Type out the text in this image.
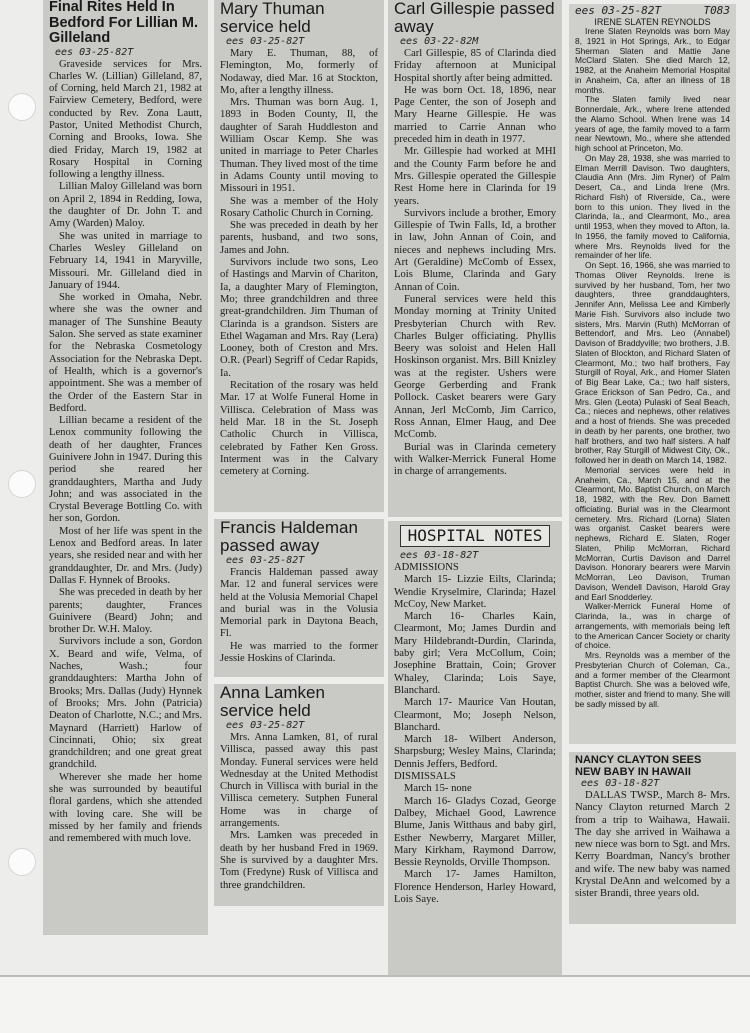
Final Rites Held In Bedford For Lillian M. Gilleland
ees 03-25-82T

Graveside services for Mrs. Charles W. (Lillian) Gilleland, 87, of Corning, held March 21, 1982 at Fairview Cemetery, Bedford, were conducted by Rev. Zona Lautt, Pastor, United Methodist Church, Corning and Brooks, Iowa. She died Friday, March 19, 1982 at Rosary Hospital in Corning following a lengthy illness.

Lillian Maloy Gilleland was born on April 2, 1894 in Redding, Iowa, the daughter of Dr. John T. and Amy (Warden) Maloy.

She was united in marriage to Charles Wesley Gilleland on February 14, 1941 in Maryville, Missouri. Mr. Gilleland died in January of 1944.

She worked in Omaha, Nebr. where she was the owner and manager of The Sunshine Beauty Salon. She served as state examiner for the Nebraska Cosmetology Association for the Nebraska Dept. of Health, which is a governor's appointment. She was a member of the Order of the Eastern Star in Bedford.

Lillian became a resident of the Lenox community following the death of her daughter, Frances Guinivere John in 1947. During this period she reared her granddaughters, Martha and Judy John; and was associated in the Crystal Beverage Bottling Co. with her son, Gordon.

Most of her life was spent in the Lenox and Bedford areas. In later years, she resided near and with her granddaughter, Dr. and Mrs. (Judy) Dallas F. Hynnek of Brooks.

She was preceded in death by her parents; daughter, Frances Guinivere (Beard) John; and brother Dr. W.H. Maloy.

Survivors include a son, Gordon X. Beard and wife, Velma, of Naches, Wash.; four granddaughters: Martha John of Brooks; Mrs. Dallas (Judy) Hynnek of Brooks; Mrs. John (Patricia) Deaton of Charlotte, N.C.; and Mrs. Maynard (Harriett) Harlow of Cincinnati, Ohio; six great grandchildren; and one great great grandchild.

Wherever she made her home she was surrounded by beautiful floral gardens, which she attended with loving care. She will be missed by her family and friends and remembered with much love.

Mary Thuman service held
ees 03-25-82T

Mary E. Thuman, 88, of Flemington, Mo, formerly of Nodaway, died Mar. 16 at Stockton, Mo, after a lengthy illness.

Mrs. Thuman was born Aug. 1, 1893 in Boden County, Il, the daughter of Sarah Huddleston and William Oscar Kemp. She was united in marriage to Peter Charles Thuman. They lived most of the time in Adams County until moving to Missouri in 1951.

She was a member of the Holy Rosary Catholic Church in Corning.

She was preceded in death by her parents, husband, and two sons, James and John.

Survivors include two sons, Leo of Hastings and Marvin of Chariton, Ia, a daughter Mary of Flemington, Mo; three grandchildren and three great-grandchildren. Jim Thuman of Clarinda is a grandson. Sisters are Ethel Wagaman and Mrs. Ray (Lera) Looney, both of Creston and Mrs. O.R. (Pearl) Segriff of Cedar Rapids, Ia.

Recitation of the rosary was held Mar. 17 at Wolfe Funeral Home in Villisca. Celebration of Mass was held Mar. 18 in the St. Joseph Catholic Church in Villisca, celebrated by Father Ken Gross. Interment was in the Calvary cemetery at Corning.

Francis Haldeman passed away
ees 03-25-82T

Francis Haldeman passed away Mar. 12 and funeral services were held at the Volusia Memorial Chapel and burial was in the Volusia Memorial park in Daytona Beach, Fl.

He was married to the former Jessie Hoskins of Clarinda.

Anna Lamken service held
ees 03-25-82T

Mrs. Anna Lamken, 81, of rural Villisca, passed away this past Monday. Funeral services were held Wednesday at the United Methodist Church in Villisca with burial in the Villisca cemetery. Sutphen Funeral Home was in charge of arrangements.

Mrs. Lamken was preceded in death by her husband Fred in 1969. She is survived by a daughter Mrs. Tom (Fredyne) Rusk of Villisca and three grandchildren.

Carl Gillespie passed away
ees 03-22-82M

Carl Gillespie, 85 of Clarinda died Friday afternoon at Municipal Hospital shortly after being admitted.

He was born Oct. 18, 1896, near Page Center, the son of Joseph and Mary Hearne Gillespie. He was married to Carrie Annan who preceded him in death in 1977.

Mr. Gillespie had worked at MHI and the County Farm before he and Mrs. Gillespie operated the Gillespie Rest Home here in Clarinda for 19 years.

Survivors include a brother, Emory Gillespie of Twin Falls, Id, a brother in law, John Annan of Coin, and nieces and nephews including Mrs. Art (Geraldine) McComb of Essex, Lois Blume, Clarinda and Gary Annan of Coin.

Funeral services were held this Monday morning at Trinity United Presbyterian Church with Rev. Charles Bulger officiating. Phyllis Beery was soloist and Helen Hall Hoskinson organist. Mrs. Bill Knizley was at the register. Ushers were George Gerberding and Frank Pollock. Casket bearers were Gary Annan, Jerl McComb, Jim Carrico, Ross Annan, Elmer Haug, and Dee McComb.

Burial was in Clarinda cemetery with Walker-Merrick Funeral Home in charge of arrangements.

HOSPITAL NOTES
ees 03-18-82T

ADMISSIONS

March 15- Lizzie Eilts, Clarinda; Wendie Kryselmire, Clarinda; Hazel McCoy, New Market.

March 16- Charles Kain, Clearmont, Mo; James Durdin and Mary Hildebrandt-Durdin, Clarinda, baby girl; Vera McCollum, Coin; Josephine Brattain, Coin; Grover Whaley, Clarinda; Lois Saye, Blanchard.

March 17- Maurice Van Houtan, Clearmont, Mo; Joseph Nelson, Blanchard.

March 18- Wilbert Anderson, Sharpsburg; Wesley Mains, Clarinda; Dennis Jeffers, Bedford.

DISMISSALS

March 15- none

March 16- Gladys Cozad, George Dalbey, Michael Good, Lawrence Blume, Janis Witthaus and baby girl, Esther Newberry, Margaret Miller, Mary Kirkham, Raymond Darrow, Bessie Reynolds, Orville Thompson.

March 17- James Hamilton, Florence Henderson, Harley Howard, Lois Saye.

ees 03-25-82T	T083
IRENE SLATEN REYNOLDS

Irene Slaten Reynolds was born May 8, 1921 in Hot Springs, Ark., to Edgar Sherman Slaten and Mattie Jane McClard Slaten. She died March 12, 1982, at the Anaheim Memorial Hospital in Anaheim, Ca, after an illness of 18 months.

The Slaten family lived near Bonnerdale, Ark., where Irene attended the Alamo School. When Irene was 14 years of age, the family moved to a farm near Newtown, Mo., where she attended high school at Princeton, Mo.

On May 28, 1938, she was married to Elman Merrill Davison. Two daughters, Claudia Ann (Mrs. Jim Ryner) of Palm Desert, Ca., and Linda Irene (Mrs. Richard Fish) of Riverside, Ca., were born to this union. They lived in the Clarinda, Ia., and Clearmont, Mo., area until 1953, when they moved to Afton, Ia. In 1956, the family moved to California, where Mrs. Reynolds lived for the remainder of her life.

On Sept. 16, 1966, she was married to Thomas Oliver Reynolds. Irene is survived by her husband, Tom, her two daughters, three granddaughters, Jennifer Ann, Melissa Lee and Kimberly Marie Fish. Survivors also include two sisters, Mrs. Marvin (Ruth) McMorran of Bettendorf, and Mrs. Leo (Annabel) Davison of Braddyville; two brothers, J.B. Slaten of Blockton, and Richard Slaten of Clearmont, Mo.; two half brothers, Fay Sturgill of Royal, Ark., and Homer Slaten of Big Bear Lake, Ca.; two half sisters, Grace Erickson of San Pedro, Ca., and Mrs. Glen (Leota) Pulaski of Seal Beach, Ca.; nieces and nephews, other relatives and a host of friends. She was preceded in death by her parents, one brother, two half brothers, and two half sisters. A half brother, Ray Sturgill of Midwest City, Ok., followed her in death on March 14, 1982.

Memorial services were held in Anaheim, Ca., March 15, and at the Clearmont, Mo. Baptist Church, on March 18, 1982, with the Rev. Don Barnett officiating. Burial was in the Clearmont cemetery. Mrs. Richard (Lorna) Slaten was organist. Casket bearers were nephews, Richard E. Slaten, Roger Slaten, Philip McMorran, Richard McMorran, Curtis Davison and Darrel Davison. Honorary bearers were Marvin McMorran, Leo Davison, Truman Davison, Wendell Davison, Harold Gray and Earl Snodderley.

Walker-Merrick Funeral Home of Clarinda, Ia., was in charge of arrangements, with memorials being left to the American Cancer Society or charity of choice.

Mrs. Reynolds was a member of the Presbyterian Church of Coleman, Ca., and a former member of the Clearmont Baptist Church. She was a beloved wife, mother, sister and friend to many. She will be sadly missed by all.

NANCY CLAYTON SEES NEW BABY IN HAWAII
ees 03-18-82T

DALLAS TWSP., March 8- Mrs. Nancy Clayton returned March 2 from a trip to Waihawa, Hawaii. The day she arrived in Waihawa a new niece was born to Sgt. and Mrs. Kerry Boardman, Nancy's brother and wife. The new baby was named Krystal DeAnn and welcomed by a sister Brandi, three years old.
